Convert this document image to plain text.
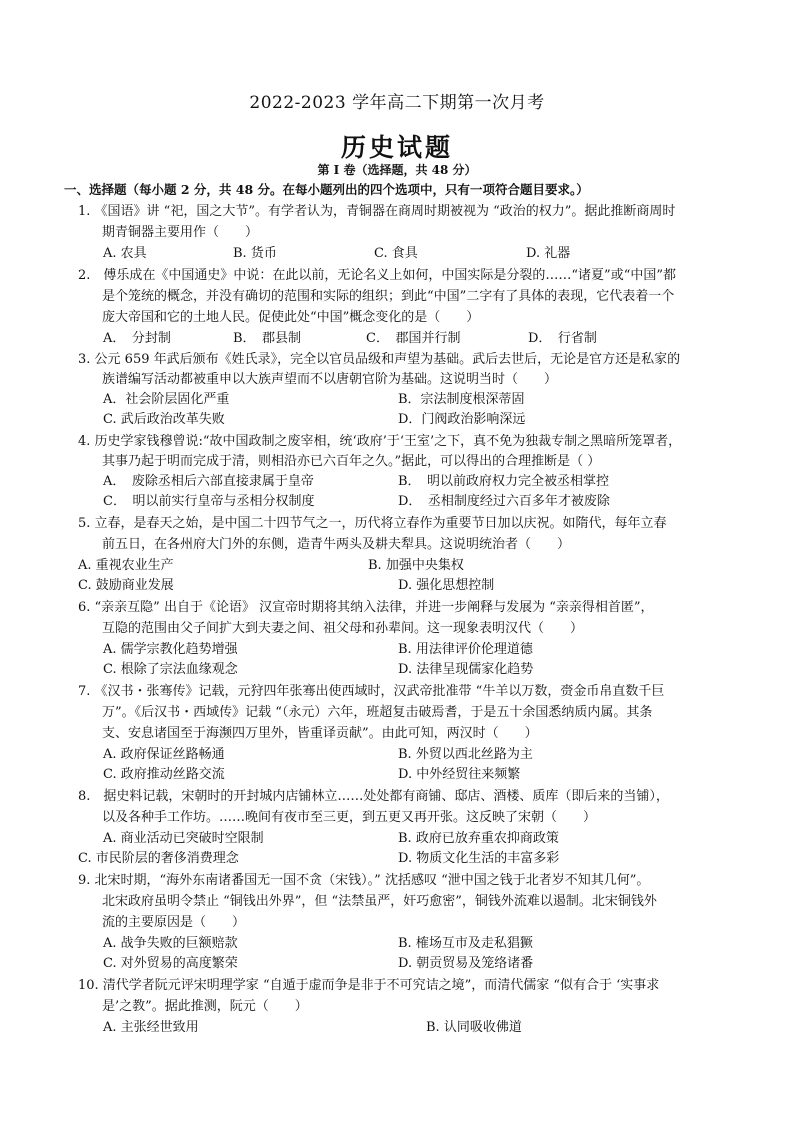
2022-2023 学年高二下期第一次月考
历史试题
第 I 卷（选择题，共 48 分）
一、选择题（每小题 2 分，共 48 分。在每小题列出的四个选项中，只有一项符合题目要求。）
1. 《国语》讲 “祀，国之大节”。有学者认为，青铜器在商周时期被视为 “政治的权力”。据此推断商周时
期青铜器主要用作（　　）
A. 农具	B. 货币	C. 食具	D. 礼器
2.　傅乐成在《中国通史》中说：在此以前，无论名义上如何，中国实际是分裂的……“诸夏”或“中国”都
是个笼统的概念，并没有确切的范围和实际的组织；到此“中国”二字有了具体的表现，它代表着一个
庞大帝国和它的土地人民。促使此处“中国”概念变化的是（　　）
A．　分封制	B．　郡县制	C．　郡国并行制	D．　行省制
3. 公元 659 年武后颁布《姓氏录》，完全以官员品级和声望为基础。武后去世后，无论是官方还是私家的
族谱编写活动都被重申以大族声望而不以唐朝官阶为基础。这说明当时（　　）
A．社会阶层固化严重	B．宗法制度根深蒂固
C. 武后政治改革失败	D．门阀政治影响深远
4. 历史学家钱穆曾说:“故中国政制之废宰相，统‘政府’于‘王室’之下，真不免为独裁专制之黑暗所笼罩者，
其事乃起于明而完成于清，则相沿亦已六百年之久。”据此，可以得出的合理推断是（ ）
A．　废除丞相后六部直接隶属于皇帝	B．　明以前政府权力完全被丞相掌控
C．　明以前实行皇帝与丞相分权制度	D．　丞相制度经过六百多年才被废除
5. 立春，是春天之始，是中国二十四节气之一，历代将立春作为重要节日加以庆祝。如隋代，每年立春
前五日，在各州府大门外的东侧，造青牛两头及耕夫犁具。这说明统治者（　　）
A. 重视农业生产	B. 加强中央集权
C. 鼓励商业发展	D. 强化思想控制
6. “亲亲互隐” 出自于《论语》 汉宣帝时期将其纳入法律，并进一步阐释与发展为 “亲亲得相首匿”，
互隐的范围由父子间扩大到夫妻之间、祖父母和孙辈间。这一现象表明汉代（　　）
A. 儒学宗教化趋势增强	B. 用法律评价伦理道德
C. 根除了宗法血缘观念	D. 法律呈现儒家化趋势
7. 《汉书・张骞传》记载，元狩四年张骞出使西域时，汉武帝批准带 “牛羊以万数，赍金币帛直数千巨
万”。《后汉书・西域传》记载 “（永元）六年，班超复击破焉耆，于是五十余国悉纳质内属。其条
支、安息诸国至于海濒四万里外，皆重译贡献”。由此可知，两汉时（　　）
A. 政府保证丝路畅通	B. 外贸以西北丝路为主
C. 政府推动丝路交流	D. 中外经贸往来频繁
8.　据史料记载，宋朝时的开封城内店铺林立……处处都有商铺、邸店、酒楼、质库（即后来的当铺），
以及各种手工作坊。……晚间有夜市至三更，到五更又再开张。这反映了宋朝（　　）
A. 商业活动已突破时空限制	B. 政府已放弃重农抑商政策
C. 市民阶层的奢侈消费理念	D. 物质文化生活的丰富多彩
9. 北宋时期，“海外东南诸番国无一国不贪（宋钱）。” 沈括感叹 “泄中国之钱于北者岁不知其几何”。
北宋政府虽明令禁止 “铜钱出外界”，但 “法禁虽严，奸巧愈密”，铜钱外流难以遏制。北宋铜钱外
流的主要原因是（　　）
A. 战争失败的巨额赔款	B. 榷场互市及走私猖獗
C. 对外贸易的高度繁荣	D. 朝贡贸易及笼络诸番
10. 清代学者阮元评宋明理学家 “自遁于虚而争是非于不可究诘之境”，而清代儒家 “似有合于 ‘实事求
是’之教”。据此推测，阮元（　　）
A. 主张经世致用	B. 认同吸收佛道
